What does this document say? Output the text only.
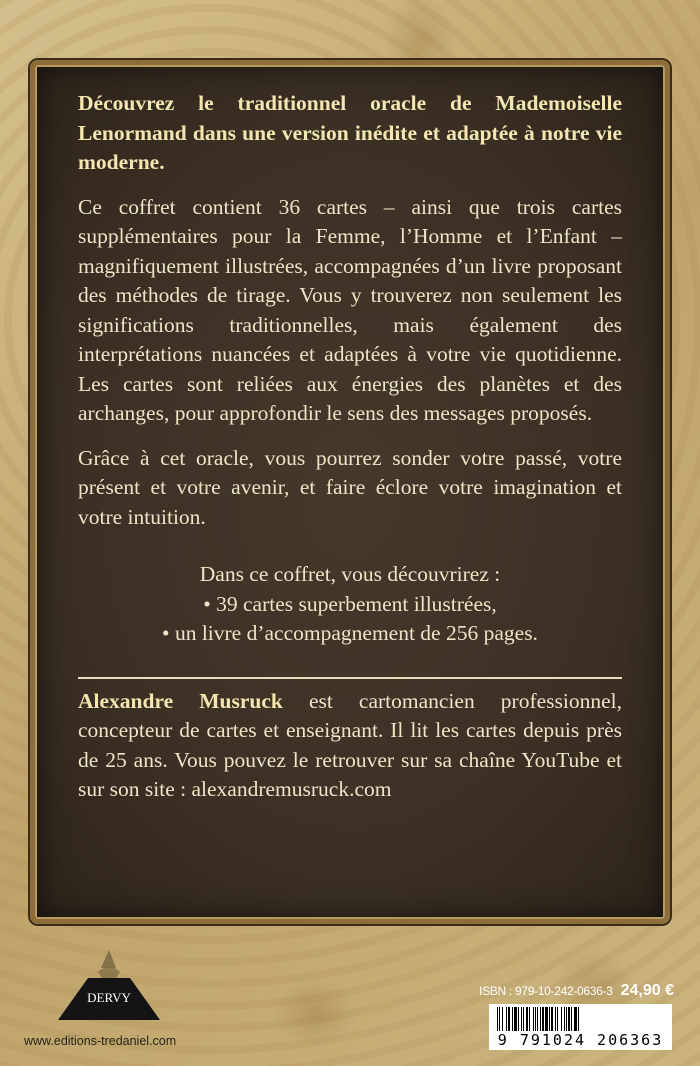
Découvrez le traditionnel oracle de Mademoiselle Lenormand dans une version inédite et adaptée à notre vie moderne.

Ce coffret contient 36 cartes – ainsi que trois cartes supplémentaires pour la Femme, l’Homme et l’Enfant – magnifiquement illustrées, accompagnées d’un livre proposant des méthodes de tirage. Vous y trouverez non seulement les significations traditionnelles, mais également des interprétations nuancées et adaptées à votre vie quotidienne. Les cartes sont reliées aux énergies des planètes et des archanges, pour approfondir le sens des messages proposés.

Grâce à cet oracle, vous pourrez sonder votre passé, votre présent et votre avenir, et faire éclore votre imagination et votre intuition.

Dans ce coffret, vous découvrirez :
• 39 cartes superbement illustrées,
• un livre d’accompagnement de 256 pages.
Alexandre Musruck est cartomancien professionnel, concepteur de cartes et enseignant. Il lit les cartes depuis près de 25 ans. Vous pouvez le retrouver sur sa chaîne YouTube et sur son site : alexandremusruck.com
DERVY
www.editions-tredaniel.com
ISBN : 979-10-242-0636-3 24,90 €
9 791024 206363
